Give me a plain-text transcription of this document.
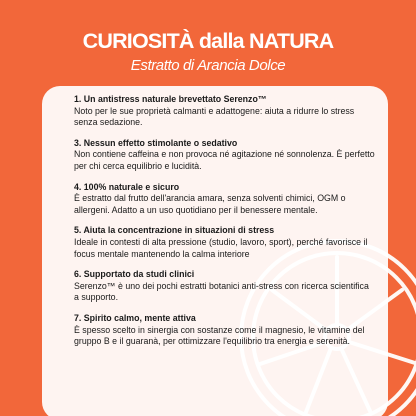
CURIOSITÀ dalla NATURA

Estratto di Arancia Dolce

1. Un antistress naturale brevettato Serenzo™
Noto per le sue proprietà calmanti e adattogene: aiuta a ridurre lo stress senza sedazione.
3. Nessun effetto stimolante o sedativo
Non contiene caffeina e non provoca né agitazione né sonnolenza. È perfetto per chi cerca equilibrio e lucidità.
4. 100% naturale e sicuro
È estratto dal frutto dell'arancia amara, senza solventi chimici, OGM o allergeni. Adatto a un uso quotidiano per il benessere mentale.
5. Aiuta la concentrazione in situazioni di stress
Ideale in contesti di alta pressione (studio, lavoro, sport), perché favorisce il focus mentale mantenendo la calma interiore
6. Supportato da studi clinici
Serenzo™ è uno dei pochi estratti botanici anti-stress con ricerca scientifica a supporto.
7. Spirito calmo, mente attiva
È spesso scelto in sinergia con sostanze come il magnesio, le vitamine del gruppo B e il guaranà, per ottimizzare l'equilibrio tra energia e serenità.
